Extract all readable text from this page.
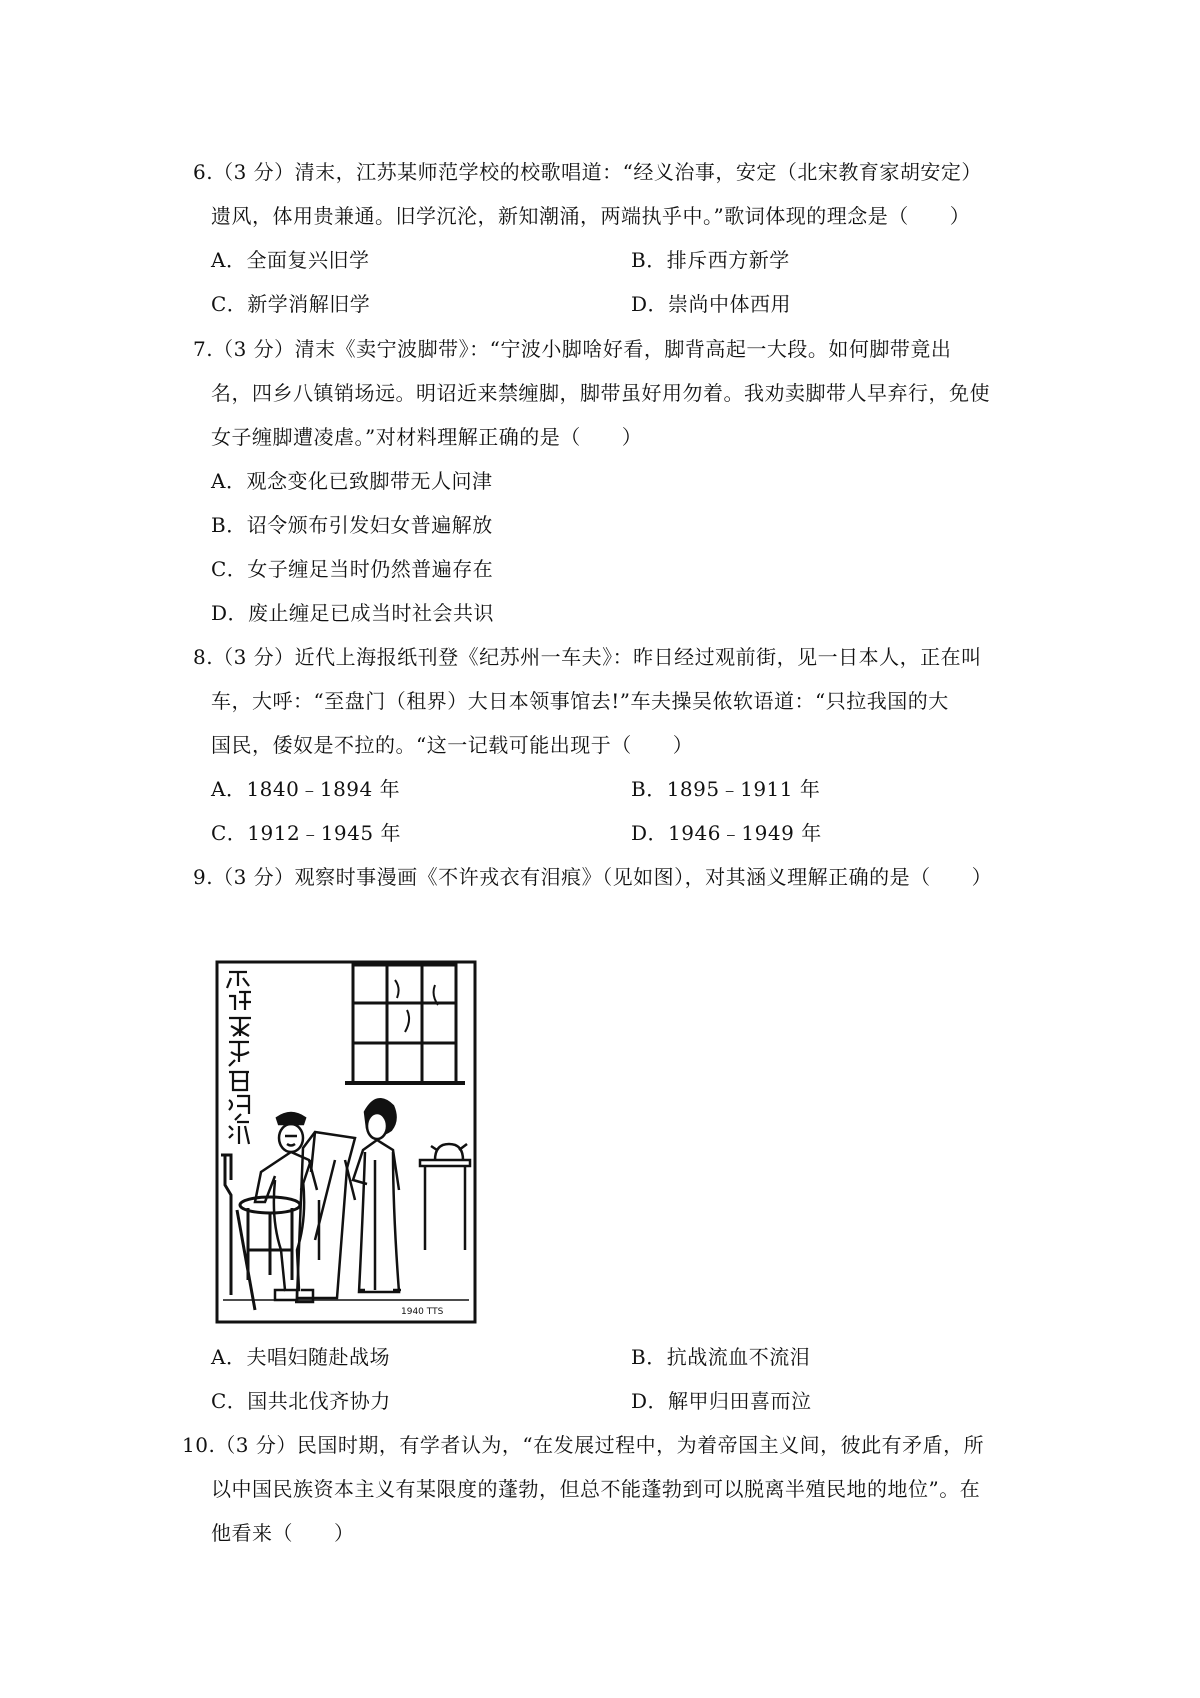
6.（3 分）清末，江苏某师范学校的校歌唱道：“经义治事，安定（北宋教育家胡安定）
遗风，体用贵兼通。旧学沉沦，新知潮涌，两端执乎中。”歌词体现的理念是（　　）
A．全面复兴旧学	B．排斥西方新学
C．新学消解旧学	D．崇尚中体西用
7.（3 分）清末《卖宁波脚带》：“宁波小脚啥好看，脚背高起一大段。如何脚带竟出
名，四乡八镇销场远。明诏近来禁缠脚，脚带虽好用勿着。我劝卖脚带人早弃行，免使
女子缠脚遭凌虐。”对材料理解正确的是（　　）
A．观念变化已致脚带无人问津
B．诏令颁布引发妇女普遍解放
C．女子缠足当时仍然普遍存在
D．废止缠足已成当时社会共识
8.（3 分）近代上海报纸刊登《纪苏州一车夫》：昨日经过观前街，见一日本人，正在叫
车，大呼：“至盘门（租界）大日本领事馆去!”车夫操吴侬软语道：“只拉我国的大
国民，倭奴是不拉的。“这一记载可能出现于（　　）
A．1840﹣1894 年	B．1895﹣1911 年
C．1912﹣1945 年	D．1946﹣1949 年
9.（3 分）观察时事漫画《不许戎衣有泪痕》（见如图），对其涵义理解正确的是（　　）
1940 TTS
A．夫唱妇随赴战场	B．抗战流血不流泪
C．国共北伐齐协力	D．解甲归田喜而泣
10.（3 分）民国时期，有学者认为，“在发展过程中，为着帝国主义间，彼此有矛盾，所
以中国民族资本主义有某限度的蓬勃，但总不能蓬勃到可以脱离半殖民地的地位”。在
他看来（　　）
